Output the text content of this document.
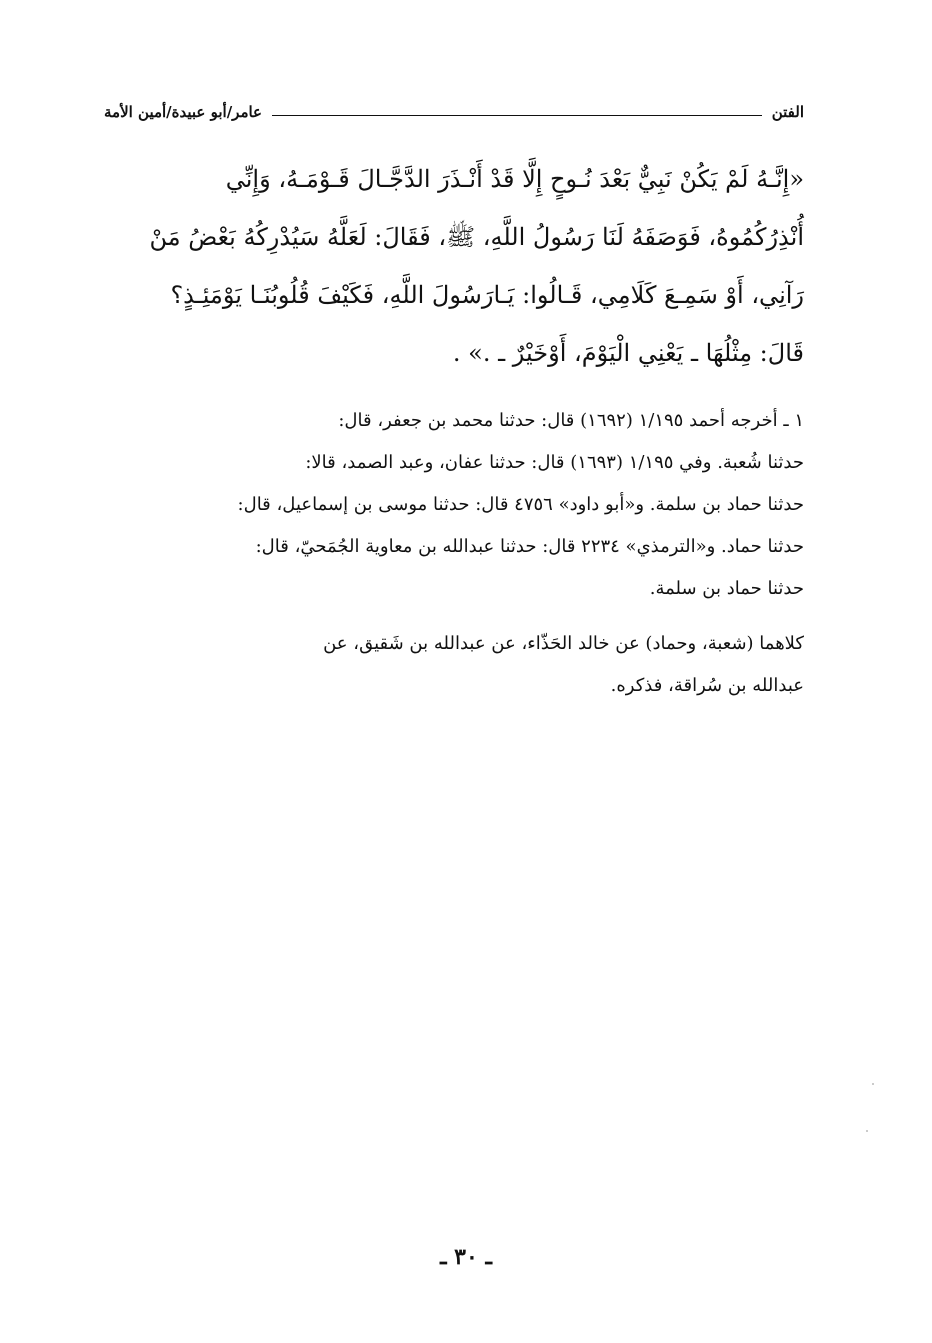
الفتن
عامر/أبو عبيدة/أمين الأمة
«إِنَّـهُ لَمْ يَكُنْ نَبِيٌّ بَعْدَ نُـوحٍ إِلَّا قَدْ أَنْـذَرَ الدَّجَّـالَ قَـوْمَـهُ، وَإِنِّي
أُنْذِرُكُمُوهُ، فَوَصَفَهُ لَنَا رَسُولُ اللَّهِ، ﷺ، فَقَالَ: لَعَلَّهُ سَيُدْرِكُهُ بَعْضُ مَنْ
رَآنِي، أَوْ سَمِـعَ كَلَامِي، قَـالُوا: يَـارَسُولَ اللَّهِ، فَكَيْفَ قُلُوبُنَـا يَوْمَئِـذٍ؟
قَالَ: مِثْلُهَا ـ يَعْنِي الْيَوْمَ، أَوْخَيْرٌ ـ .» .
١ ـ أخرجه أحمد ١/١٩٥ (١٦٩٢) قال: حدثنا محمد بن جعفر، قال:
حدثنا شُعبة. وفي ١/١٩٥ (١٦٩٣) قال: حدثنا عفان، وعبد الصمد، قالا:
حدثنا حماد بن سلمة. و«أبو داود» ٤٧٥٦ قال: حدثنا موسى بن إسماعيل، قال:
حدثنا حماد. و«الترمذي» ٢٢٣٤ قال: حدثنا عبدالله بن معاوية الجُمَحيّ، قال:
حدثنا حماد بن سلمة.
كلاهما (شعبة، وحماد) عن خالد الحَذّاء، عن عبدالله بن شَقيق، عن
عبدالله بن سُراقة، فذكره.
ـ ٣٠ ـ
